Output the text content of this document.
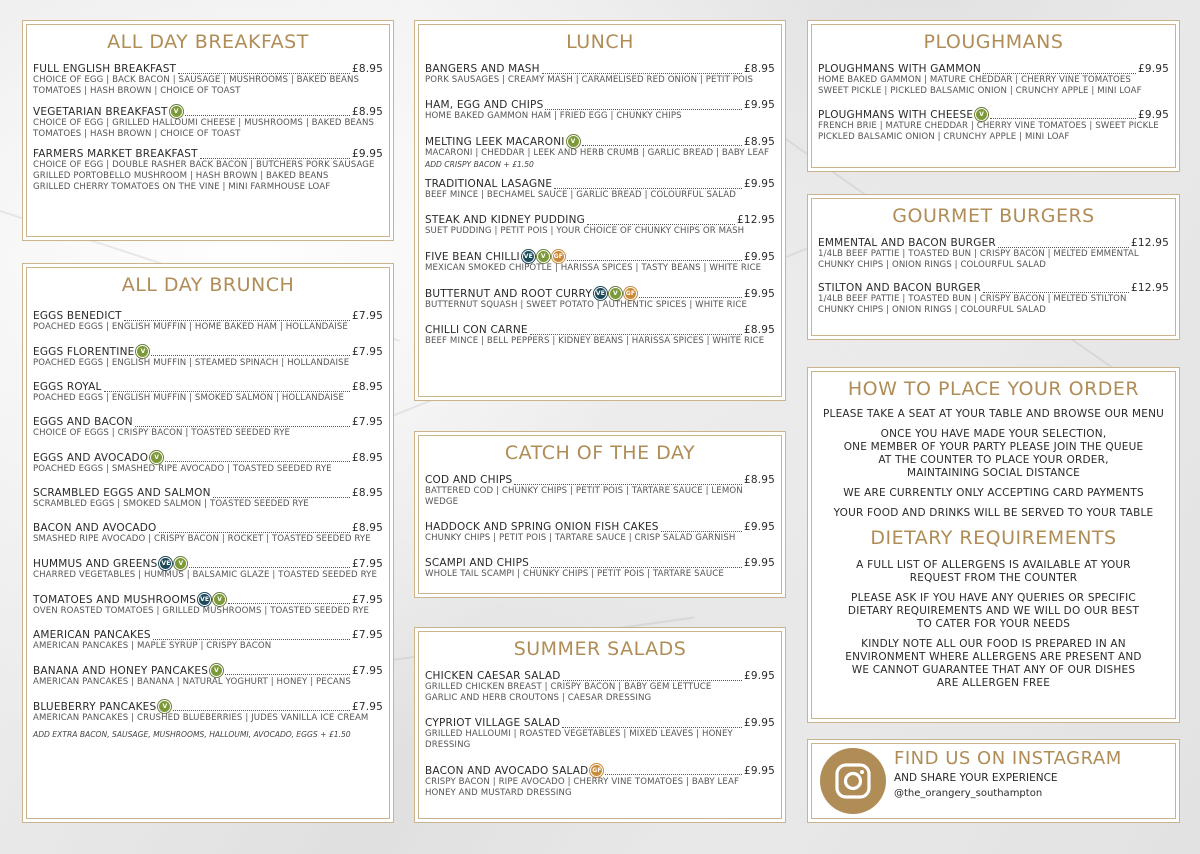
ALL DAY BREAKFAST
FULL ENGLISH BREAKFAST	£8.95
CHOICE OF EGG | BACK BACON | SAUSAGE | MUSHROOMS | BAKED BEANS
TOMATOES | HASH BROWN | CHOICE OF TOAST
VEGETARIAN BREAKFAST	V	£8.95
CHOICE OF EGG | GRILLED HALLOUMI CHEESE | MUSHROOMS | BAKED BEANS
TOMATOES | HASH BROWN | CHOICE OF TOAST
FARMERS MARKET BREAKFAST	£9.95
CHOICE OF EGG | DOUBLE RASHER BACK BACON | BUTCHERS PORK SAUSAGE
GRILLED PORTOBELLO MUSHROOM | HASH BROWN | BAKED BEANS
GRILLED CHERRY TOMATOES ON THE VINE | MINI FARMHOUSE LOAF
ALL DAY BRUNCH
EGGS BENEDICT	£7.95
POACHED EGGS | ENGLISH MUFFIN | HOME BAKED HAM | HOLLANDAISE
EGGS FLORENTINE	V	£7.95
POACHED EGGS | ENGLISH MUFFIN | STEAMED SPINACH | HOLLANDAISE
EGGS ROYAL	£8.95
POACHED EGGS | ENGLISH MUFFIN | SMOKED SALMON | HOLLANDAISE
EGGS AND BACON	£7.95
CHOICE OF EGGS | CRISPY BACON | TOASTED SEEDED RYE
EGGS AND AVOCADO	V	£8.95
POACHED EGGS | SMASHED RIPE AVOCADO | TOASTED SEEDED RYE
SCRAMBLED EGGS AND SALMON	£8.95
SCRAMBLED EGGS | SMOKED SALMON | TOASTED SEEDED RYE
BACON AND AVOCADO	£8.95
SMASHED RIPE AVOCADO | CRISPY BACON | ROCKET | TOASTED SEEDED RYE
HUMMUS AND GREENS VE	V	£7.95
CHARRED VEGETABLES | HUMMUS | BALSAMIC GLAZE | TOASTED SEEDED RYE
TOMATOES AND MUSHROOMS VE	V	£7.95
OVEN ROASTED TOMATOES | GRILLED MUSHROOMS | TOASTED SEEDED RYE
AMERICAN PANCAKES	£7.95
AMERICAN PANCAKES | MAPLE SYRUP | CRISPY BACON
BANANA AND HONEY PANCAKES	V	£7.95
AMERICAN PANCAKES | BANANA | NATURAL YOGHURT | HONEY | PECANS
BLUEBERRY PANCAKES	V	£7.95
AMERICAN PANCAKES | CRUSHED BLUEBERRIES | JUDES VANILLA ICE CREAM
ADD EXTRA BACON, SAUSAGE, MUSHROOMS, HALLOUMI, AVOCADO, EGGS + £1.50
LUNCH
BANGERS AND MASH	£8.95
PORK SAUSAGES | CREAMY MASH | CARAMELISED RED ONION | PETIT POIS
HAM, EGG AND CHIPS	£9.95
HOME BAKED GAMMON HAM | FRIED EGG | CHUNKY CHIPS
MELTING LEEK MACARONI	V	£8.95
MACARONI | CHEDDAR | LEEK AND HERB CRUMB | GARLIC BREAD | BABY LEAF
ADD CRISPY BACON + £1.50
TRADITIONAL LASAGNE	£9.95
BEEF MINCE | BECHAMEL SAUCE | GARLIC BREAD | COLOURFUL SALAD
STEAK AND KIDNEY PUDDING	£12.95
SUET PUDDING | PETIT POIS | YOUR CHOICE OF CHUNKY CHIPS OR MASH
FIVE BEAN CHILLI VE	V	GF	£9.95
MEXICAN SMOKED CHIPOTLE | HARISSA SPICES | TASTY BEANS | WHITE RICE
BUTTERNUT AND ROOT CURRY VE	V	GF	£9.95
BUTTERNUT SQUASH | SWEET POTATO | AUTHENTIC SPICES | WHITE RICE
CHILLI CON CARNE	£8.95
BEEF MINCE | BELL PEPPERS | KIDNEY BEANS | HARISSA SPICES | WHITE RICE
CATCH OF THE DAY
COD AND CHIPS	£8.95
BATTERED COD | CHUNKY CHIPS | PETIT POIS | TARTARE SAUCE | LEMON WEDGE
HADDOCK AND SPRING ONION FISH CAKES	£9.95
CHUNKY CHIPS | PETIT POIS | TARTARE SAUCE | CRISP SALAD GARNISH
SCAMPI AND CHIPS	£9.95
WHOLE TAIL SCAMPI | CHUNKY CHIPS | PETIT POIS | TARTARE SAUCE
SUMMER SALADS
CHICKEN CAESAR SALAD	£9.95
GRILLED CHICKEN BREAST | CRISPY BACON | BABY GEM LETTUCE
GARLIC AND HERB CROUTONS | CAESAR DRESSING
CYPRIOT VILLAGE SALAD	£9.95
GRILLED HALLOUMI | ROASTED VEGETABLES | MIXED LEAVES | HONEY DRESSING
BACON AND AVOCADO SALAD GF	£9.95
CRISPY BACON | RIPE AVOCADO | CHERRY VINE TOMATOES | BABY LEAF
HONEY AND MUSTARD DRESSING
PLOUGHMANS
PLOUGHMANS WITH GAMMON	£9.95
HOME BAKED GAMMON | MATURE CHEDDAR | CHERRY VINE TOMATOES
SWEET PICKLE | PICKLED BALSAMIC ONION | CRUNCHY APPLE | MINI LOAF
PLOUGHMANS WITH CHEESE	V	£9.95
FRENCH BRIE | MATURE CHEDDAR | CHERRY VINE TOMATOES | SWEET PICKLE
PICKLED BALSAMIC ONION | CRUNCHY APPLE | MINI LOAF
GOURMET BURGERS
EMMENTAL AND BACON BURGER	£12.95
1/4LB BEEF PATTIE | TOASTED BUN | CRISPY BACON | MELTED EMMENTAL
CHUNKY CHIPS | ONION RINGS | COLOURFUL SALAD
STILTON AND BACON BURGER	£12.95
1/4LB BEEF PATTIE | TOASTED BUN | CRISPY BACON | MELTED STILTON
CHUNKY CHIPS | ONION RINGS | COLOURFUL SALAD
HOW TO PLACE YOUR ORDER

PLEASE TAKE A SEAT AT YOUR TABLE AND BROWSE OUR MENU

ONCE YOU HAVE MADE YOUR SELECTION,
ONE MEMBER OF YOUR PARTY PLEASE JOIN THE QUEUE
AT THE COUNTER TO PLACE YOUR ORDER,
MAINTAINING SOCIAL DISTANCE

WE ARE CURRENTLY ONLY ACCEPTING CARD PAYMENTS

YOUR FOOD AND DRINKS WILL BE SERVED TO YOUR TABLE

DIETARY REQUIREMENTS

A FULL LIST OF ALLERGENS IS AVAILABLE AT YOUR
REQUEST FROM THE COUNTER

PLEASE ASK IF YOU HAVE ANY QUERIES OR SPECIFIC
DIETARY REQUIREMENTS AND WE WILL DO OUR BEST
TO CATER FOR YOUR NEEDS

KINDLY NOTE ALL OUR FOOD IS PREPARED IN AN
ENVIRONMENT WHERE ALLERGENS ARE PRESENT AND
WE CANNOT GUARANTEE THAT ANY OF OUR DISHES
ARE ALLERGEN FREE

FIND US ON INSTAGRAM
AND SHARE YOUR EXPERIENCE
@the_orangery_southampton
